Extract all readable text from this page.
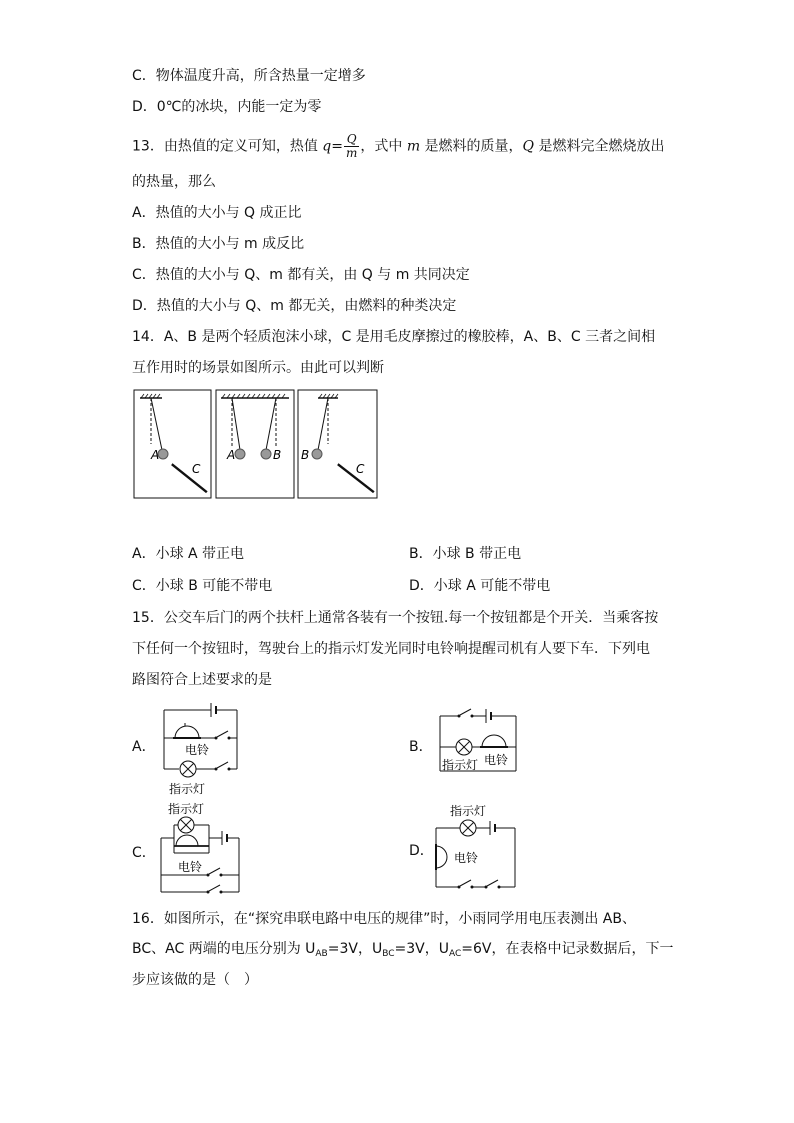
C．物体温度升高，所含热量一定增多
D．0℃的冰块，内能一定为零
13．由热值的定义可知，热值 $q= \frac{Q}{m}$ ，式中 m 是燃料的质量，Q 是燃料完全燃烧放出
的热量，那么
A．热值的大小与 Q 成正比
B．热值的大小与 m 成反比
C．热值的大小与 Q、m 都有关，由 Q 与 m 共同决定
D．热值的大小与 Q、m 都无关，由燃料的种类决定
14．A、B 是两个轻质泡沫小球，C 是用毛皮摩擦过的橡胶棒，A、B、C 三者之间相
互作用时的场景如图所示。由此可以判断
A
C
A	B B
C
A．小球 A 带正电	B．小球 B 带正电
C．小球 B 可能不带电	D．小球 A 可能不带电
15．公交车后门的两个扶杆上通常各装有一个按钮.每一个按钮都是个开关．当乘客按
下任何一个按钮时，驾驶台上的指示灯发光同时电铃响提醒司机有人要下车．下列电
路图符合上述要求的是
A． 电铃
指示灯
B．
指示灯 电铃
C．
指示灯
电铃
D．
指示灯
电铃
16．如图所示，在“探究串联电路中电压的规律”时，小雨同学用电压表测出 AB、
BC、AC 两端的电压分别为 $U_{AB}=3V$，$U_{BC}=3V$，$U_{AC}=6V$，在表格中记录数据后，下一
步应该做的是（　）
